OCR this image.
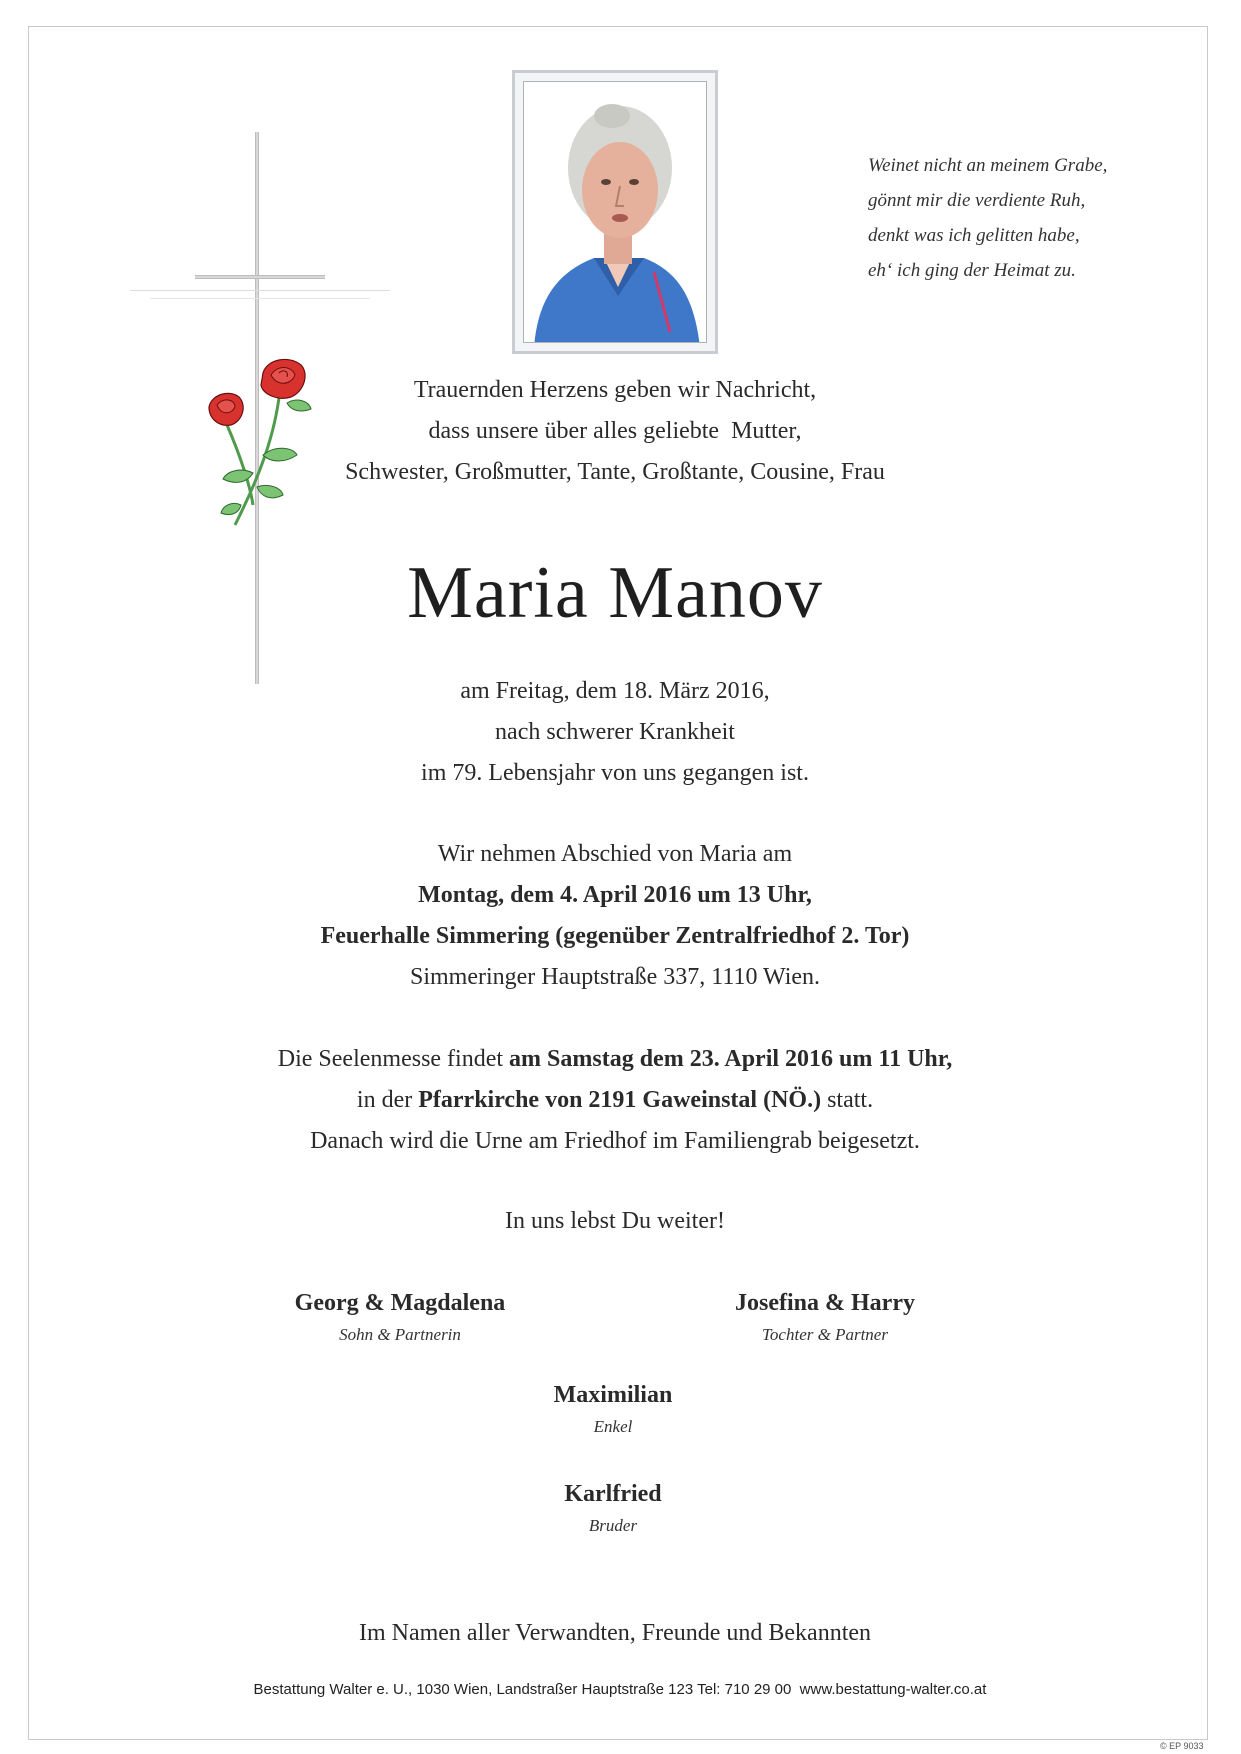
Weinet nicht an meinem Grabe,
gönnt mir die verdiente Ruh,
denkt was ich gelitten habe,
eh‘ ich ging der Heimat zu.
Trauernden Herzens geben wir Nachricht,
dass unsere über alles geliebte  Mutter,
Schwester, Großmutter, Tante, Großtante, Cousine, Frau
Maria Manov
am Freitag, dem 18. März 2016,
nach schwerer Krankheit
im 79. Lebensjahr von uns gegangen ist.
Wir nehmen Abschied von Maria am
Montag, dem 4. April 2016 um 13 Uhr,
Feuerhalle Simmering (gegenüber Zentralfriedhof 2. Tor)
Simmeringer Hauptstraße 337, 1110 Wien.
Die Seelenmesse findet am Samstag dem 23. April 2016 um 11 Uhr,
in der Pfarrkirche von 2191 Gaweinstal (NÖ.) statt.
Danach wird die Urne am Friedhof im Familiengrab beigesetzt.
In uns lebst Du weiter!
Georg & Magdalena
Sohn & Partnerin
Josefina & Harry
Tochter & Partner
Maximilian
Enkel
Karlfried
Bruder
Im Namen aller Verwandten, Freunde und Bekannten
Bestattung Walter e. U., 1030 Wien, Landstraßer Hauptstraße 123 Tel: 710 29 00  www.bestattung-walter.co.at
© EP 9033
